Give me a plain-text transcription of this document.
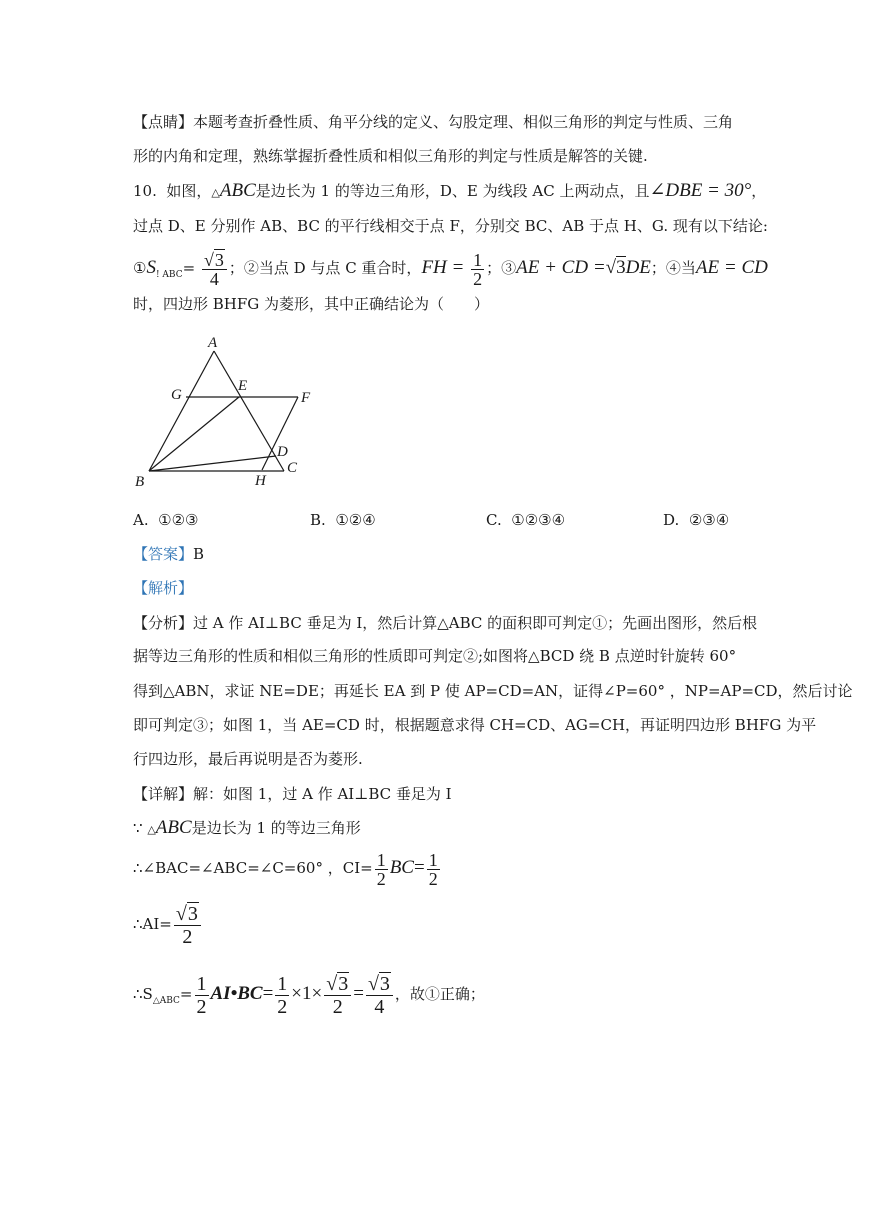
【点睛】本题考查折叠性质、角平分线的定义、勾股定理、相似三角形的判定与性质、三角
形的内角和定理，熟练掌握折叠性质和相似三角形的判定与性质是解答的关键.
10. 如图，△ABC是边长为 1 的等边三角形，D、E 为线段 AC 上两动点，且∠DBE = 30°，
过点 D、E 分别作 AB、BC 的平行线相交于点 F，分别交 BC、AB 于点 H、G. 现有以下结论:
$①S_{! ABC}= \frac{√3}{4}$ ；②当点 D 与点 C 重合时，FH = $\frac{1}{2}$ ；③AE + CD =√3DE；④当AE = CD
时，四边形 BHFG 为菱形，其中正确结论为（　　）
A
B
C
D
E
F
G
H
A. ①②③	B. ①②④	C. ①②③④	D. ②③④
【答案】B
【解析】
【分析】过 A 作 AI⊥BC 垂足为 I，然后计算△ABC 的面积即可判定①；先画出图形，然后根
据等边三角形的性质和相似三角形的性质即可判定②;如图将△BCD 绕 B 点逆时针旋转 60°
得到△ABN，求证 NE=DE；再延长 EA 到 P 使 AP=CD=AN，证得∠P=60° ，NP=AP=CD，然后讨论
即可判定③；如图 1，当 AE=CD 时，根据题意求得 CH=CD、AG=CH，再证明四边形 BHFG 为平
行四边形，最后再说明是否为菱形.
【详解】解：如图 1，过 A 作 AI⊥BC 垂足为 I
∵ △ABC是边长为 1 的等边三角形
∴∠BAC=∠ABC=∠C=60° ，$CI= \frac{1}{2} BC= \frac{1}{2}$
∴AI= $\frac{√3}{2}$
$\therefore S_{\triangle ABC}= \frac{1}{2}$ AI•BC= $\frac{1}{2} \times 1\times \frac{√3}{2} = \frac{√3}{4}$ ，故①正确；
